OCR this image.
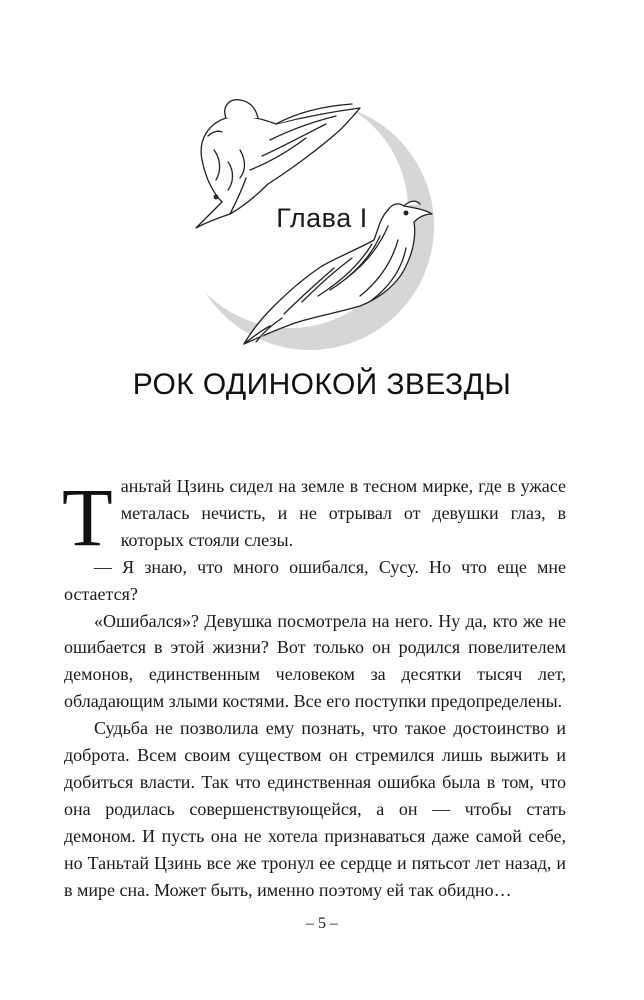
Глава I
РОК ОДИНОКОЙ ЗВЕЗДЫ

Таньтай Цзинь сидел на земле в тесном мирке, где в ужасе металась нечисть, и не отрывал от девушки глаз, в которых стояли слезы.

— Я знаю, что много ошибался, Сусу. Но что еще мне остается?

«Ошибался»? Девушка посмотрела на него. Ну да, кто же не ошибается в этой жизни? Вот только он родился повелителем демонов, единственным человеком за десятки тысяч лет, обладающим злыми костями. Все его поступки предопределены.

Судьба не позволила ему познать, что такое достоинство и доброта. Всем своим существом он стремился лишь выжить и добиться власти. Так что единственная ошибка была в том, что она родилась совершенствующейся, а он — чтобы стать демоном. И пусть она не хотела признаваться даже самой себе, но Таньтай Цзинь все же тронул ее сердце и пятьсот лет назад, и в мире сна. Может быть, именно поэтому ей так обидно…

– 5 –
